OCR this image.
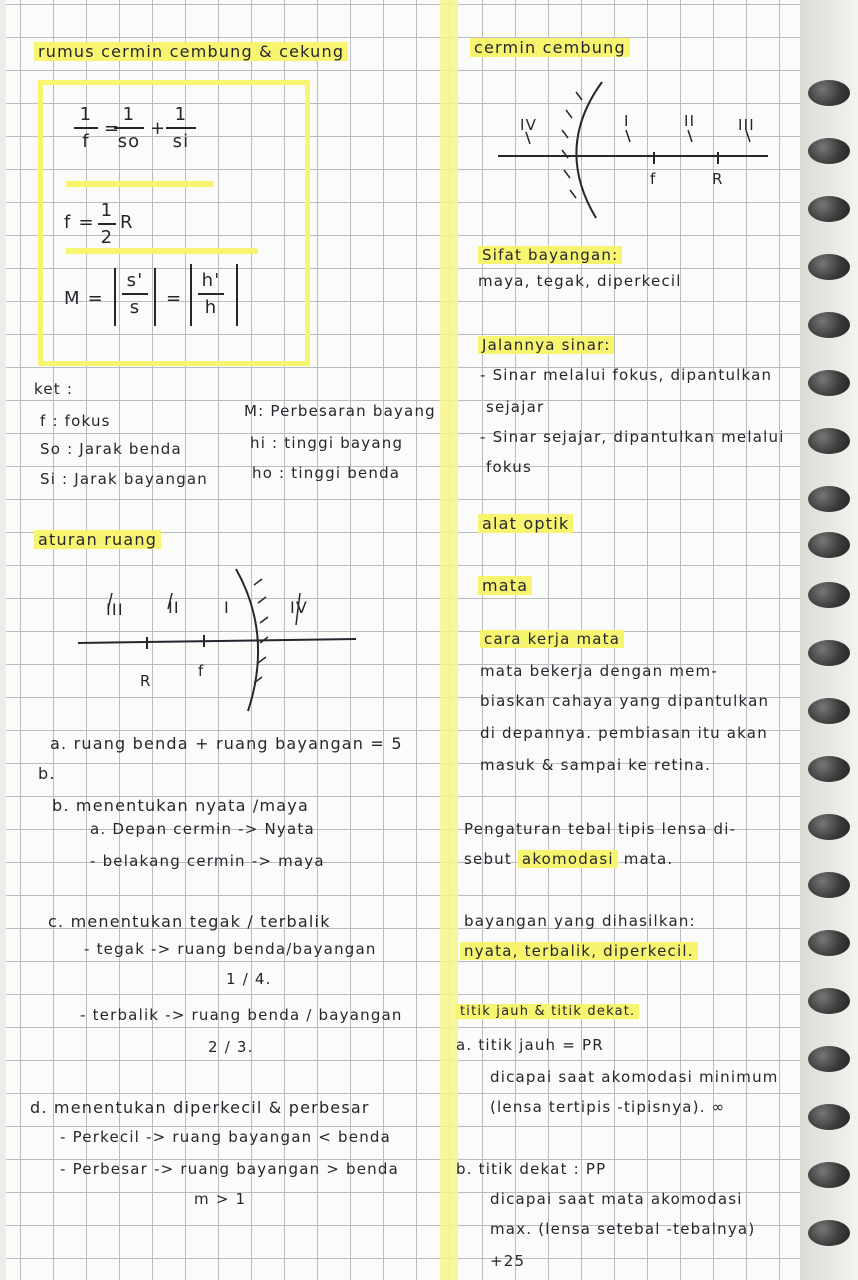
rumus cermin cembung & cekung
1
f
=
1
so
+
1
si
f =
1
2
R
M =
s'
s	=
h'
h
ket :
f : fokus
So : Jarak benda
Si : Jarak bayangan
M: Perbesaran bayang
hi : tinggi bayang
ho : tinggi benda
aturan ruang
III	II	I	IV
R
f
a. ruang benda + ruang bayangan = 5
b.
b. menentukan nyata /maya
a. Depan cermin -> Nyata
- belakang cermin -> maya
c. menentukan tegak / terbalik
- tegak -> ruang benda/bayangan
1 / 4.
- terbalik -> ruang benda / bayangan
2 / 3.
d. menentukan diperkecil & perbesar
- Perkecil -> ruang bayangan < benda
- Perbesar -> ruang bayangan > benda
m > 1
cermin cembung
IV	I	II	III
f	R
Sifat bayangan:
maya, tegak, diperkecil
Jalannya sinar:
- Sinar melalui fokus, dipantulkan
sejajar
- Sinar sejajar, dipantulkan melalui
fokus
alat optik
mata
cara kerja mata
mata bekerja dengan mem-
biaskan cahaya yang dipantulkan
di depannya. pembiasan itu akan
masuk & sampai ke retina.
Pengaturan tebal tipis lensa di-
sebut akomodasi mata.
bayangan yang dihasilkan:
nyata, terbalik, diperkecil.
titik jauh & titik dekat.
a. titik jauh = PR
dicapai saat akomodasi minimum
(lensa tertipis -tipisnya). ∞
b. titik dekat : PP
dicapai saat mata akomodasi
max. (lensa setebal -tebalnya)
+25
